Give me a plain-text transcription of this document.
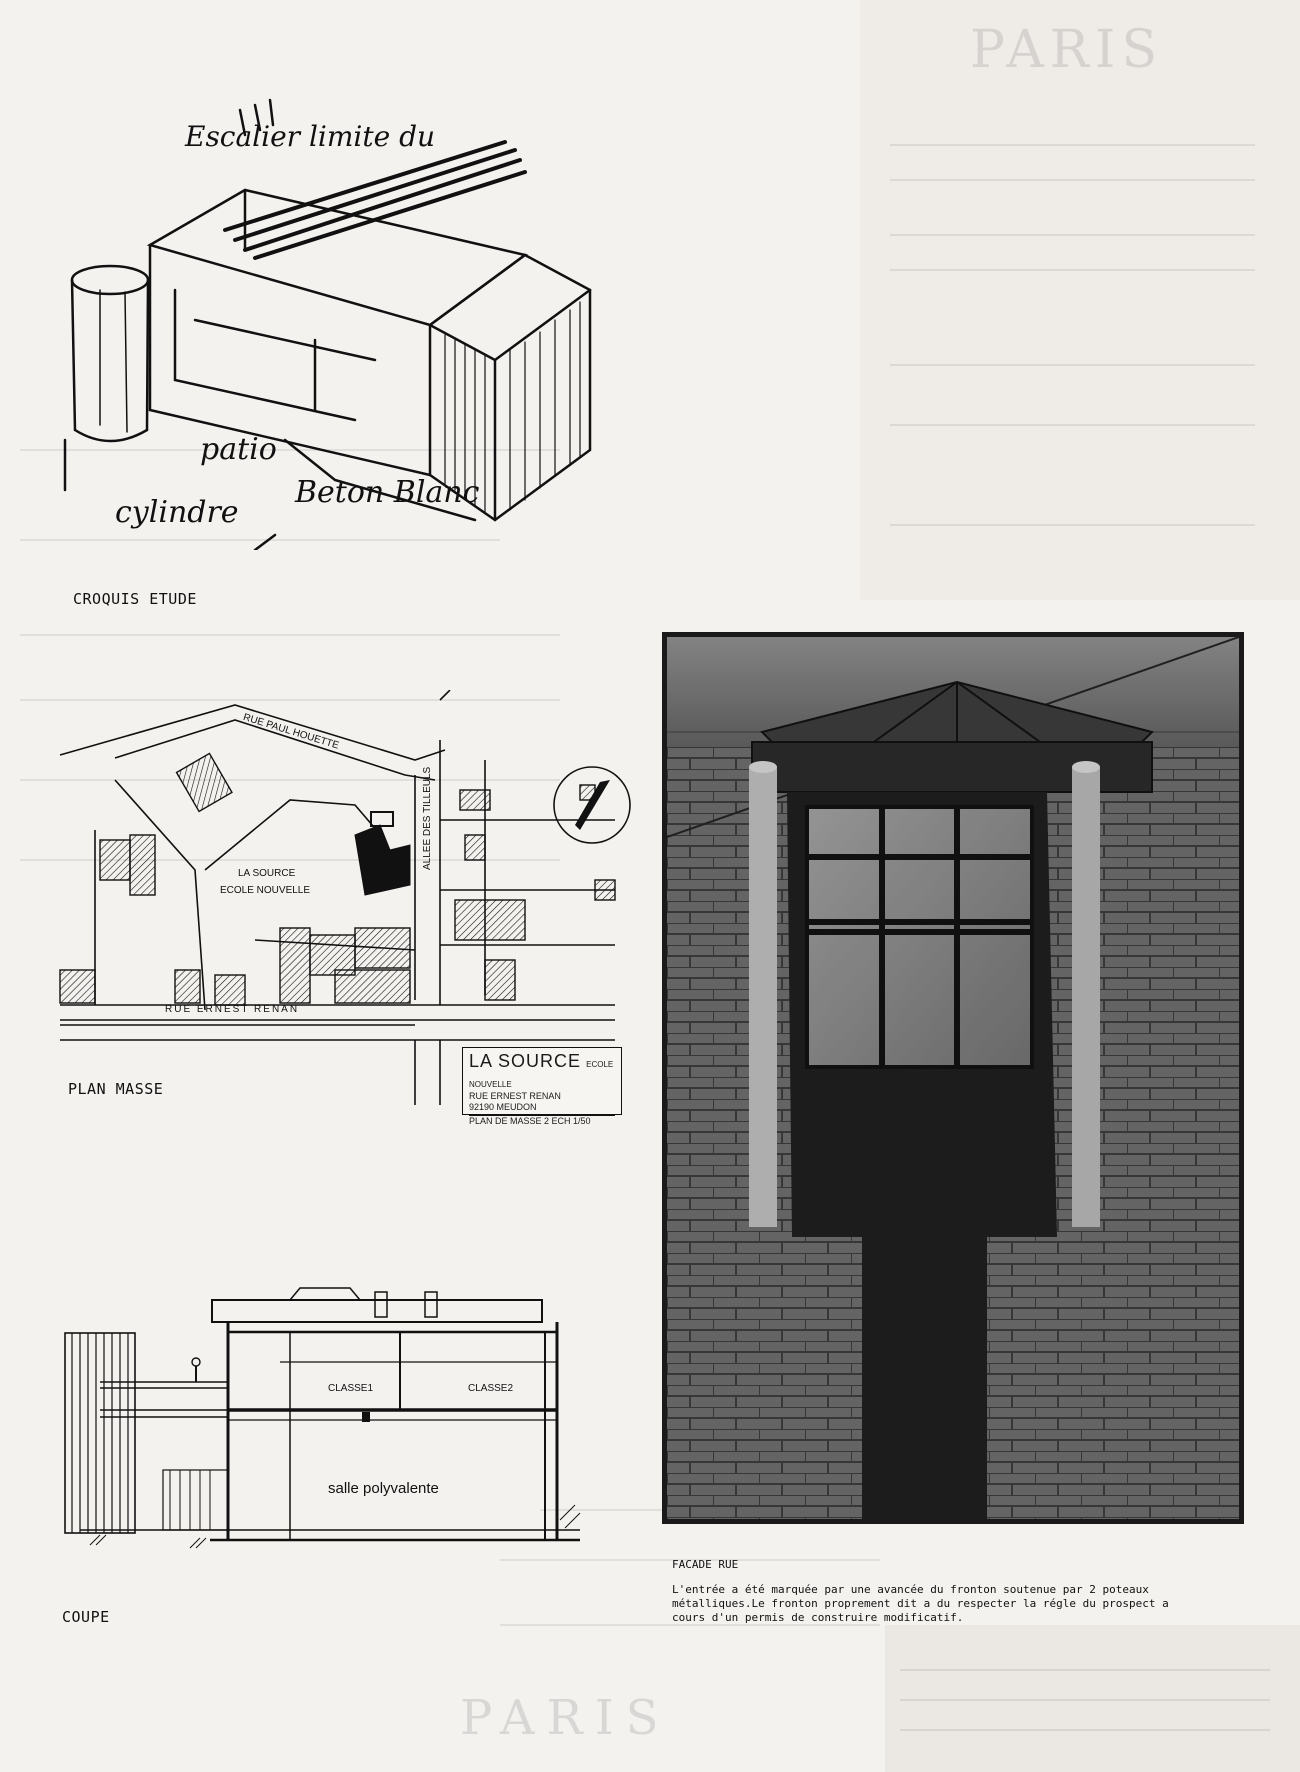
PARIS
PARIS
Escalier limite du
patio
cylindre
Beton Blanc
CROQUIS ETUDE
RUE PAUL HOUETTE
ALLEE DES TILLEULS
LA SOURCE
ECOLE NOUVELLE
RUE ERNEST RENAN
LA SOURCE ECOLE NOUVELLE
RUE ERNEST RENAN
92190 MEUDON
PLAN DE MASSE 2 ECH 1/50
PLAN MASSE
CLASSE1	CLASSE2
salle polyvalente
COUPE
FACADE RUE
L'entrée a été marquée par une avancée du fronton soutenue par 2 poteaux
métalliques.Le fronton proprement dit a du respecter la régle du prospect a
cours d'un permis de construire modificatif.
